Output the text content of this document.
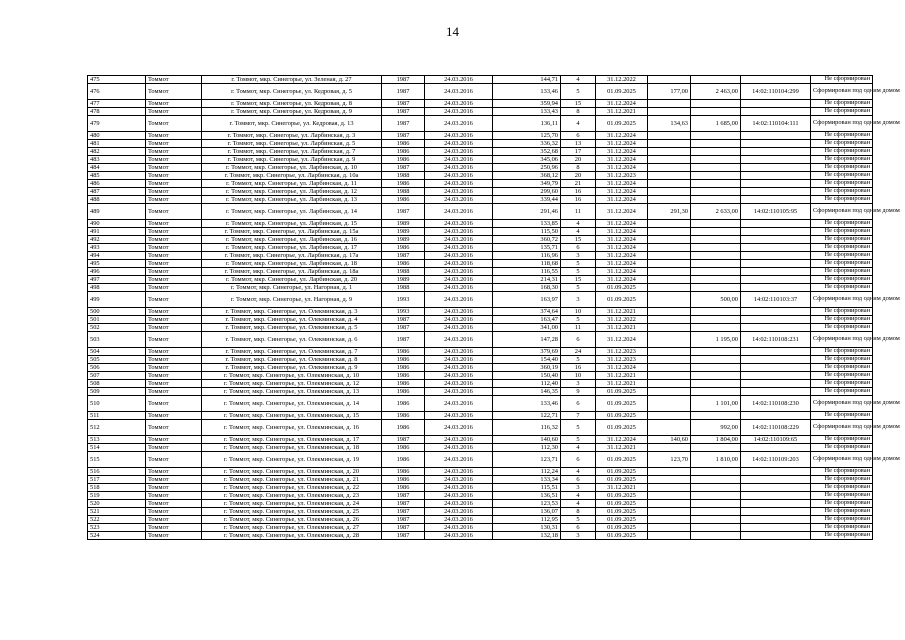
14
475	Томмот	г. Томмот, мкр. Синегорье, ул. Зеленая, д. 27	1987	24.03.2016	144,71	4	31.12.2022				Не сформирован
476	Томмот	г. Томмот, мкр. Синегорье, ул. Кедровая, д. 5	1987	24.03.2016	133,46	5	01.09.2025	177,00	2 463,00	14:02:110104:299	Сформирован под одним домом
477	Томмот	г. Томмот, мкр. Синегорье, ул. Кедровая, д. 8	1987	24.03.2016	359,94	15	31.12.2024				Не сформирован
478	Томмот	г. Томмот, мкр. Синегорье, ул. Кедровая, д. 9	1987	24.03.2016	133,43	8	31.12.2021				Не сформирован
479	Томмот	г. Томмот, мкр. Синегорье, ул. Кедровая, д. 13	1987	24.03.2016	136,11	4	01.09.2025	134,63	1 685,00	14:02:110104:111	Сформирован под одним домом
480	Томмот	г. Томмот, мкр. Синегорье, ул. Ларбинская, д. 3	1987	24.03.2016	125,70	6	31.12.2024				Не сформирован
481	Томмот	г. Томмот, мкр. Синегорье, ул. Ларбинская, д. 5	1986	24.03.2016	336,32	13	31.12.2024				Не сформирован
482	Томмот	г. Томмот, мкр. Синегорье, ул. Ларбинская, д. 7	1986	24.03.2016	352,68	17	31.12.2024				Не сформирован
483	Томмот	г. Томмот, мкр. Синегорье, ул. Ларбинская, д. 9	1986	24.03.2016	345,06	20	31.12.2024				Не сформирован
484	Томмот	г. Томмот, мкр. Синегорье, ул. Ларбинская, д. 10	1987	24.03.2016	250,96	8	31.12.2024				Не сформирован
485	Томмот	г. Томмот, мкр. Синегорье, ул. Ларбинская, д. 10а	1988	24.03.2016	368,12	20	31.12.2023				Не сформирован
486	Томмот	г. Томмот, мкр. Синегорье, ул. Ларбинская, д. 11	1986	24.03.2016	349,79	21	31.12.2024				Не сформирован
487	Томмот	г. Томмот, мкр. Синегорье, ул. Ларбинская, д. 12	1988	24.03.2016	299,60	16	31.12.2024				Не сформирован
488	Томмот	г. Томмот, мкр. Синегорье, ул. Ларбинская, д. 13	1986	24.03.2016	339,44	16	31.12.2024				Не сформирован
489	Томмот	г. Томмот, мкр. Синегорье, ул. Ларбинская, д. 14	1987	24.03.2016	291,46	11	31.12.2024	291,30	2 633,00	14:02:110105:95	Сформирован под одним домом
490	Томмот	г. Томмот, мкр. Синегорье, ул. Ларбинская, д. 15	1989	24.03.2016	133,85	4	31.12.2024				Не сформирован
491	Томмот	г. Томмот, мкр. Синегорье, ул. Ларбинская, д. 15а	1989	24.03.2016	115,50	4	31.12.2024				Не сформирован
492	Томмот	г. Томмот, мкр. Синегорье, ул. Ларбинская, д. 16	1989	24.03.2016	360,72	15	31.12.2024				Не сформирован
493	Томмот	г. Томмот, мкр. Синегорье, ул. Ларбинская, д. 17	1986	24.03.2016	135,71	6	31.12.2024				Не сформирован
494	Томмот	г. Томмот, мкр. Синегорье, ул. Ларбинская, д. 17а	1987	24.03.2016	116,96	3	31.12.2024				Не сформирован
495	Томмот	г. Томмот, мкр. Синегорье, ул. Ларбинская, д. 18	1986	24.03.2016	118,68	5	31.12.2024				Не сформирован
496	Томмот	г. Томмот, мкр. Синегорье, ул. Ларбинская, д. 18а	1988	24.03.2016	116,55	5	31.12.2024				Не сформирован
497	Томмот	г. Томмот, мкр. Синегорье, ул. Ларбинская, д. 20	1989	24.03.2016	214,31	15	31.12.2024				Не сформирован
498	Томмот	г. Томмот, мкр. Синегорье, ул. Нагорная, д. 1	1988	24.03.2016	168,30	5	01.09.2025				Не сформирован
499	Томмот	г. Томмот, мкр. Синегорье, ул. Нагорная, д. 9	1993	24.03.2016	163,97	3	01.09.2025		500,00	14:02:110103:37	Сформирован под одним домом
500	Томмот	г. Томмот, мкр. Синегорье, ул. Олекминская, д. 3	1993	24.03.2016	374,64	10	31.12.2021				Не сформирован
501	Томмот	г. Томмот, мкр. Синегорье, ул. Олекминская, д. 4	1987	24.03.2016	163,47	5	31.12.2022				Не сформирован
502	Томмот	г. Томмот, мкр. Синегорье, ул. Олекминская, д. 5	1987	24.03.2016	341,00	11	31.12.2021				Не сформирован
503	Томмот	г. Томмот, мкр. Синегорье, ул. Олекминская, д. 6	1987	24.03.2016	147,28	6	31.12.2024		1 195,00	14:02:110108:231	Сформирован под одним домом
504	Томмот	г. Томмот, мкр. Синегорье, ул. Олекминская, д. 7	1986	24.03.2016	379,69	24	31.12.2023				Не сформирован
505	Томмот	г. Томмот, мкр. Синегорье, ул. Олекминская, д. 8	1986	24.03.2016	154,40	5	31.12.2023				Не сформирован
506	Томмот	г. Томмот, мкр. Синегорье, ул. Олекминская, д. 9	1986	24.03.2016	360,19	16	31.12.2024				Не сформирован
507	Томмот	г. Томмот, мкр. Синегорье, ул. Олекминская, д. 10	1986	24.03.2016	150,40	10	31.12.2021				Не сформирован
508	Томмот	г. Томмот, мкр. Синегорье, ул. Олекминская, д. 12	1986	24.03.2016	112,40	3	31.12.2021				Не сформирован
509	Томмот	г. Томмот, мкр. Синегорье, ул. Олекминская, д. 13	1986	24.03.2016	146,35	9	01.09.2025				Не сформирован
510	Томмот	г. Томмот, мкр. Синегорье, ул. Олекминская, д. 14	1986	24.03.2016	133,46	6	01.09.2025		1 101,00	14:02:110108:230	Сформирован под одним домом
511	Томмот	г. Томмот, мкр. Синегорье, ул. Олекминская, д. 15	1986	24.03.2016	122,71	7	01.09.2025				Не сформирован
512	Томмот	г. Томмот, мкр. Синегорье, ул. Олекминская, д. 16	1986	24.03.2016	116,32	5	01.09.2025		992,00	14:02:110108:229	Сформирован под одним домом
513	Томмот	г. Томмот, мкр. Синегорье, ул. Олекминская, д. 17	1987	24.03.2016	140,60	5	31.12.2024	140,60	1 804,00	14:02:110109:65	Не сформирован
514	Томмот	г. Томмот, мкр. Синегорье, ул. Олекминская, д. 18	1986	24.03.2016	112,30	4	31.12.2021				Не сформирован
515	Томмот	г. Томмот, мкр. Синегорье, ул. Олекминская, д. 19	1986	24.03.2016	123,71	6	01.09.2025	123,70	1 810,00	14:02:110109:203	Сформирован под одним домом
516	Томмот	г. Томмот, мкр. Синегорье, ул. Олекминская, д. 20	1986	24.03.2016	112,24	4	01.09.2025				Не сформирован
517	Томмот	г. Томмот, мкр. Синегорье, ул. Олекминская, д. 21	1986	24.03.2016	133,34	6	01.09.2025				Не сформирован
518	Томмот	г. Томмот, мкр. Синегорье, ул. Олекминская, д. 22	1986	24.03.2016	115,51	3	31.12.2021				Не сформирован
519	Томмот	г. Томмот, мкр. Синегорье, ул. Олекминская, д. 23	1987	24.03.2016	136,51	4	01.09.2025				Не сформирован
520	Томмот	г. Томмот, мкр. Синегорье, ул. Олекминская, д. 24	1987	24.03.2016	123,53	4	01.09.2025				Не сформирован
521	Томмот	г. Томмот, мкр. Синегорье, ул. Олекминская, д. 25	1987	24.03.2016	136,07	8	01.09.2025				Не сформирован
522	Томмот	г. Томмот, мкр. Синегорье, ул. Олекминская, д. 26	1987	24.03.2016	112,95	5	01.09.2025				Не сформирован
523	Томмот	г. Томмот, мкр. Синегорье, ул. Олекминская, д. 27	1987	24.03.2016	130,31	6	01.09.2025				Не сформирован
524	Томмот	г. Томмот, мкр. Синегорье, ул. Олекминская, д. 28	1987	24.03.2016	132,18	3	01.09.2025				Не сформирован
